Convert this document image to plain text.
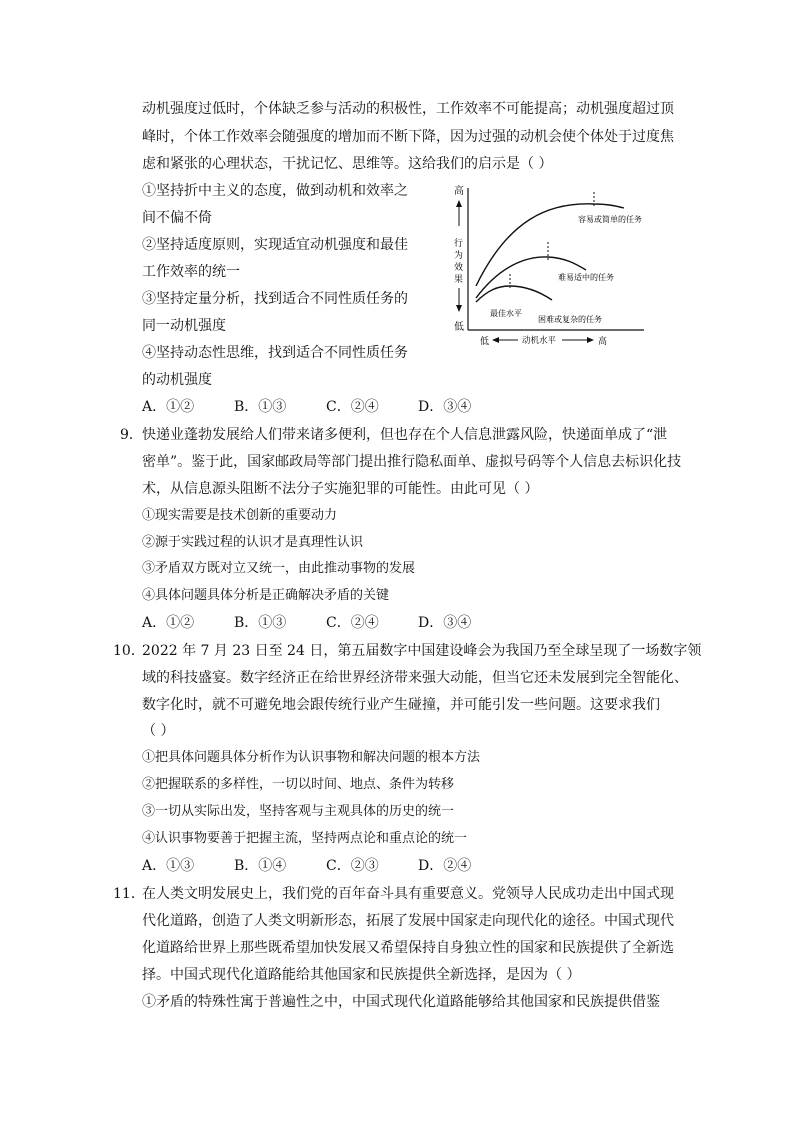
动机强度过低时，个体缺乏参与活动的积极性，工作效率不可能提高；动机强度超过顶
峰时，个体工作效率会随强度的增加而不断下降，因为过强的动机会使个体处于过度焦
虑和紧张的心理状态，干扰记忆、思维等。这给我们的启示是（ ）
①坚持折中主义的态度，做到动机和效率之
间不偏不倚
②坚持适度原则，实现适宜动机强度和最佳
工作效率的统一
③坚持定量分析，找到适合不同性质任务的
同一动机强度
④坚持动态性思维，找到适合不同性质任务
的动机强度
A．①②	B．①③	C．②④	D．③④
高
低
行
为
效
果
低	动机水平	高
容易或简单的任务
难易适中的任务
最佳水平
困难或复杂的任务
9． 快递业蓬勃发展给人们带来诸多便利，但也存在个人信息泄露风险，快递面单成了“泄
密单”。鉴于此，国家邮政局等部门提出推行隐私面单、虚拟号码等个人信息去标识化技
术，从信息源头阻断不法分子实施犯罪的可能性。由此可见（ ）
①现实需要是技术创新的重要动力
②源于实践过程的认识才是真理性认识
③矛盾双方既对立又统一，由此推动事物的发展
④具体问题具体分析是正确解决矛盾的关键
A．①②	B．①③	C．②④	D．③④
10．
2022 年 7 月 23 日至 24 日，第五届数字中国建设峰会为我国乃至全球呈现了一场数字领
域的科技盛宴。数字经济正在给世界经济带来强大动能，但当它还未发展到完全智能化、
数字化时，就不可避免地会跟传统行业产生碰撞，并可能引发一些问题。这要求我们
（ ）
①把具体问题具体分析作为认识事物和解决问题的根本方法
②把握联系的多样性，一切以时间、地点、条件为转移
③一切从实际出发，坚持客观与主观具体的历史的统一
④认识事物要善于把握主流，坚持两点论和重点论的统一
A．①③	B．①④	C．②③	D．②④
11．
在人类文明发展史上，我们党的百年奋斗具有重要意义。党领导人民成功走出中国式现
代化道路，创造了人类文明新形态，拓展了发展中国家走向现代化的途径。中国式现代
化道路给世界上那些既希望加快发展又希望保持自身独立性的国家和民族提供了全新选
择。中国式现代化道路能给其他国家和民族提供全新选择，是因为（ ）
①矛盾的特殊性寓于普遍性之中，中国式现代化道路能够给其他国家和民族提供借鉴
